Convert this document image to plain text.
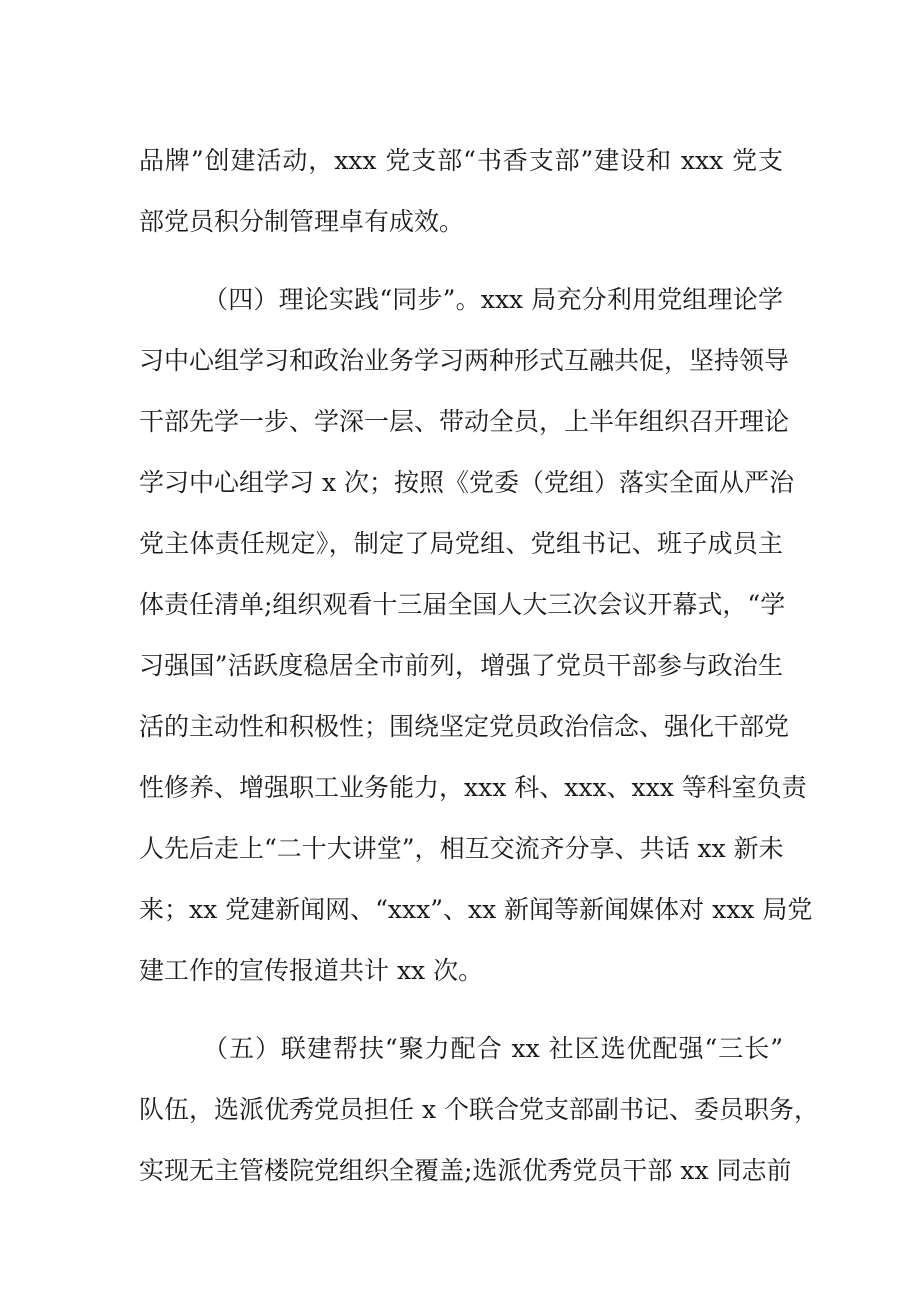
品牌”创建活动，xxx 党支部“书香支部”建设和 xxx 党支
部党员积分制管理卓有成效。
（四）理论实践“同步”。xxx 局充分利用党组理论学
习中心组学习和政治业务学习两种形式互融共促，坚持领导
干部先学一步、学深一层、带动全员，上半年组织召开理论
学习中心组学习 x 次；按照《党委（党组）落实全面从严治
党主体责任规定》，制定了局党组、党组书记、班子成员主
体责任清单;组织观看十三届全国人大三次会议开幕式，“学
习强国”活跃度稳居全市前列，增强了党员干部参与政治生
活的主动性和积极性；围绕坚定党员政治信念、强化干部党
性修养、增强职工业务能力，xxx 科、xxx、xxx 等科室负责
人先后走上“二十大讲堂”，相互交流齐分享、共话 xx 新未
来；xx 党建新闻网、“xxx”、xx 新闻等新闻媒体对 xxx 局党
建工作的宣传报道共计 xx 次。
（五）联建帮扶“聚力配合 xx 社区选优配强“三长”
队伍，选派优秀党员担任 x 个联合党支部副书记、委员职务，
实现无主管楼院党组织全覆盖;选派优秀党员干部 xx 同志前
